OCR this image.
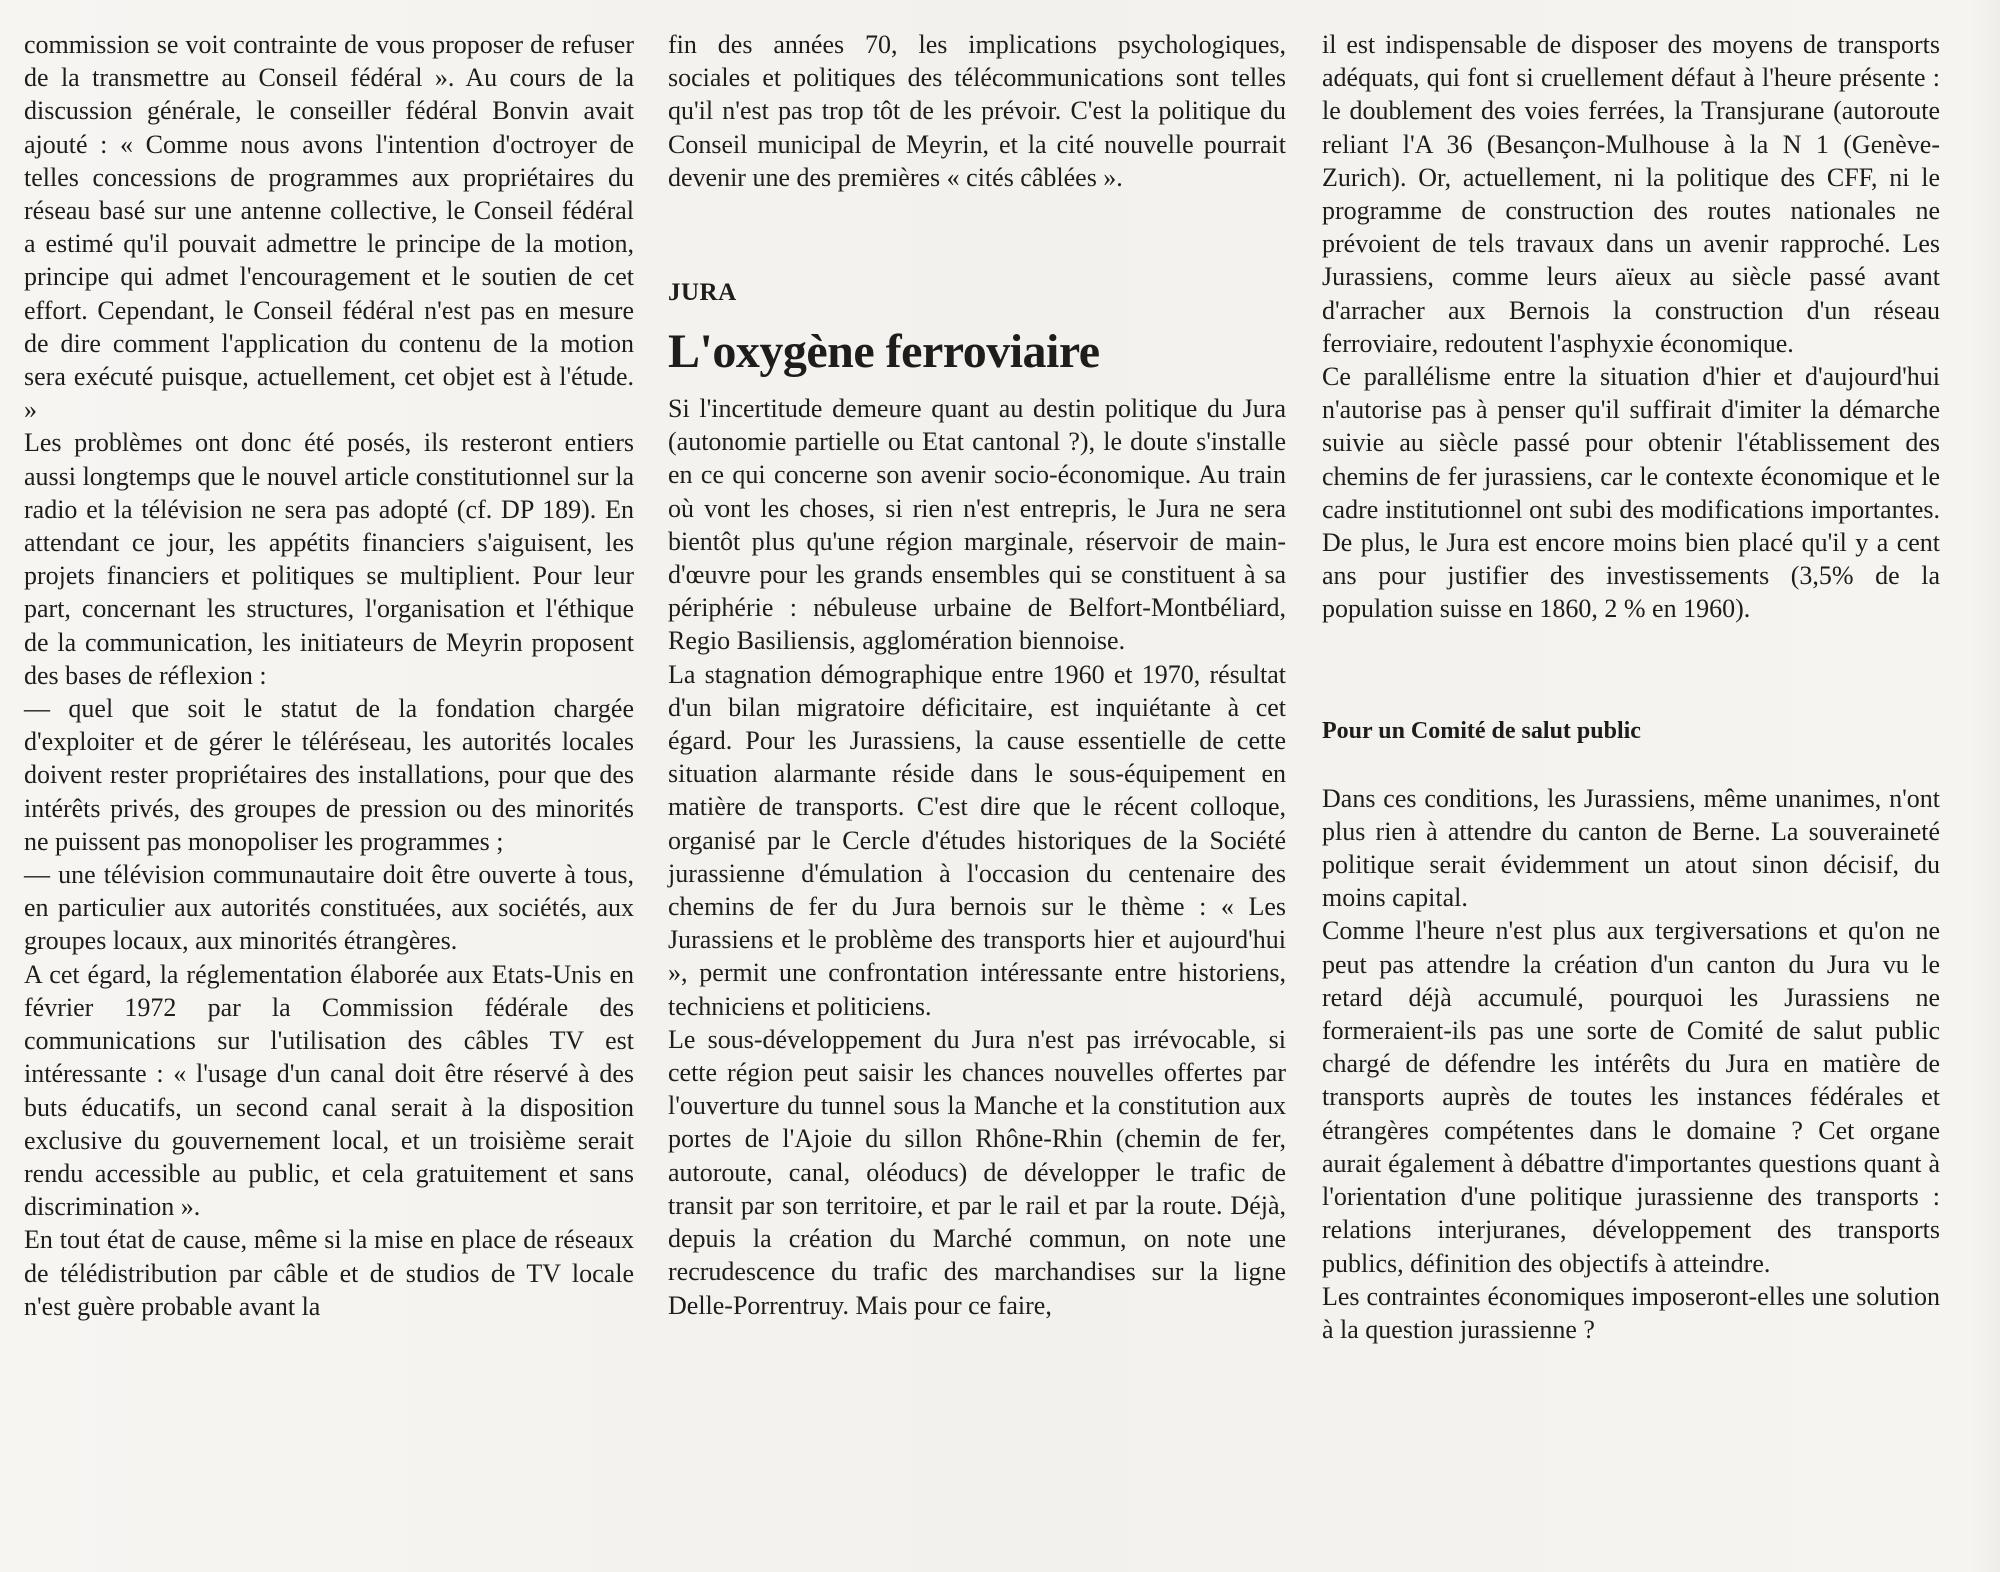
commission se voit contrainte de vous proposer de refuser de la transmettre au Conseil fédéral ». Au cours de la discussion générale, le conseiller fédéral Bonvin avait ajouté : « Comme nous avons l'intention d'octroyer de telles concessions de programmes aux propriétaires du réseau basé sur une antenne collective, le Conseil fédéral a estimé qu'il pouvait admettre le principe de la motion, principe qui admet l'encouragement et le soutien de cet effort. Cependant, le Conseil fédéral n'est pas en mesure de dire comment l'application du contenu de la motion sera exécuté puisque, actuellement, cet objet est à l'étude. »

Les problèmes ont donc été posés, ils resteront entiers aussi longtemps que le nouvel article constitutionnel sur la radio et la télévision ne sera pas adopté (cf. DP 189). En attendant ce jour, les appétits financiers s'aiguisent, les projets financiers et politiques se multiplient. Pour leur part, concernant les structures, l'organisation et l'éthique de la communication, les initiateurs de Meyrin proposent des bases de réflexion :

— quel que soit le statut de la fondation chargée d'exploiter et de gérer le téléréseau, les autorités locales doivent rester propriétaires des installations, pour que des intérêts privés, des groupes de pression ou des minorités ne puissent pas monopoliser les programmes ;

— une télévision communautaire doit être ouverte à tous, en particulier aux autorités constituées, aux sociétés, aux groupes locaux, aux minorités étrangères.

A cet égard, la réglementation élaborée aux Etats-Unis en février 1972 par la Commission fédérale des communications sur l'utilisation des câbles TV est intéressante : « l'usage d'un canal doit être réservé à des buts éducatifs, un second canal serait à la disposition exclusive du gouvernement local, et un troisième serait rendu accessible au public, et cela gratuitement et sans discrimination ».

En tout état de cause, même si la mise en place de réseaux de télédistribution par câble et de studios de TV locale n'est guère probable avant la

fin des années 70, les implications psychologiques, sociales et politiques des télécommunications sont telles qu'il n'est pas trop tôt de les prévoir. C'est la politique du Conseil municipal de Meyrin, et la cité nouvelle pourrait devenir une des premières « cités câblées ».

JURA
L'oxygène ferroviaire

Si l'incertitude demeure quant au destin politique du Jura (autonomie partielle ou Etat cantonal ?), le doute s'installe en ce qui concerne son avenir socio-économique. Au train où vont les choses, si rien n'est entrepris, le Jura ne sera bientôt plus qu'une région marginale, réservoir de main-d'œuvre pour les grands ensembles qui se constituent à sa périphérie : nébuleuse urbaine de Belfort-Montbéliard, Regio Basiliensis, agglomération biennoise.

La stagnation démographique entre 1960 et 1970, résultat d'un bilan migratoire déficitaire, est inquiétante à cet égard. Pour les Jurassiens, la cause essentielle de cette situation alarmante réside dans le sous-équipement en matière de transports. C'est dire que le récent colloque, organisé par le Cercle d'études historiques de la Société jurassienne d'émulation à l'occasion du centenaire des chemins de fer du Jura bernois sur le thème : « Les Jurassiens et le problème des transports hier et aujourd'hui », permit une confrontation intéressante entre historiens, techniciens et politiciens.

Le sous-développement du Jura n'est pas irrévocable, si cette région peut saisir les chances nouvelles offertes par l'ouverture du tunnel sous la Manche et la constitution aux portes de l'Ajoie du sillon Rhône-Rhin (chemin de fer, autoroute, canal, oléoducs) de développer le trafic de transit par son territoire, et par le rail et par la route. Déjà, depuis la création du Marché commun, on note une recrudescence du trafic des marchandises sur la ligne Delle-Porrentruy. Mais pour ce faire,

il est indispensable de disposer des moyens de transports adéquats, qui font si cruellement défaut à l'heure présente : le doublement des voies ferrées, la Transjurane (autoroute reliant l'A 36 (Besançon-Mulhouse à la N 1 (Genève-Zurich). Or, actuellement, ni la politique des CFF, ni le programme de construction des routes nationales ne prévoient de tels travaux dans un avenir rapproché. Les Jurassiens, comme leurs aïeux au siècle passé avant d'arracher aux Bernois la construction d'un réseau ferroviaire, redoutent l'asphyxie économique.

Ce parallélisme entre la situation d'hier et d'aujourd'hui n'autorise pas à penser qu'il suffirait d'imiter la démarche suivie au siècle passé pour obtenir l'établissement des chemins de fer jurassiens, car le contexte économique et le cadre institutionnel ont subi des modifications importantes. De plus, le Jura est encore moins bien placé qu'il y a cent ans pour justifier des investissements (3,5% de la population suisse en 1860, 2 % en 1960).

Pour un Comité de salut public

Dans ces conditions, les Jurassiens, même unanimes, n'ont plus rien à attendre du canton de Berne. La souveraineté politique serait évidemment un atout sinon décisif, du moins capital.

Comme l'heure n'est plus aux tergiversations et qu'on ne peut pas attendre la création d'un canton du Jura vu le retard déjà accumulé, pourquoi les Jurassiens ne formeraient-ils pas une sorte de Comité de salut public chargé de défendre les intérêts du Jura en matière de transports auprès de toutes les instances fédérales et étrangères compétentes dans le domaine ? Cet organe aurait également à débattre d'importantes questions quant à l'orientation d'une politique jurassienne des transports : relations interjuranes, développement des transports publics, définition des objectifs à atteindre.

Les contraintes économiques imposeront-elles une solution à la question jurassienne ?
